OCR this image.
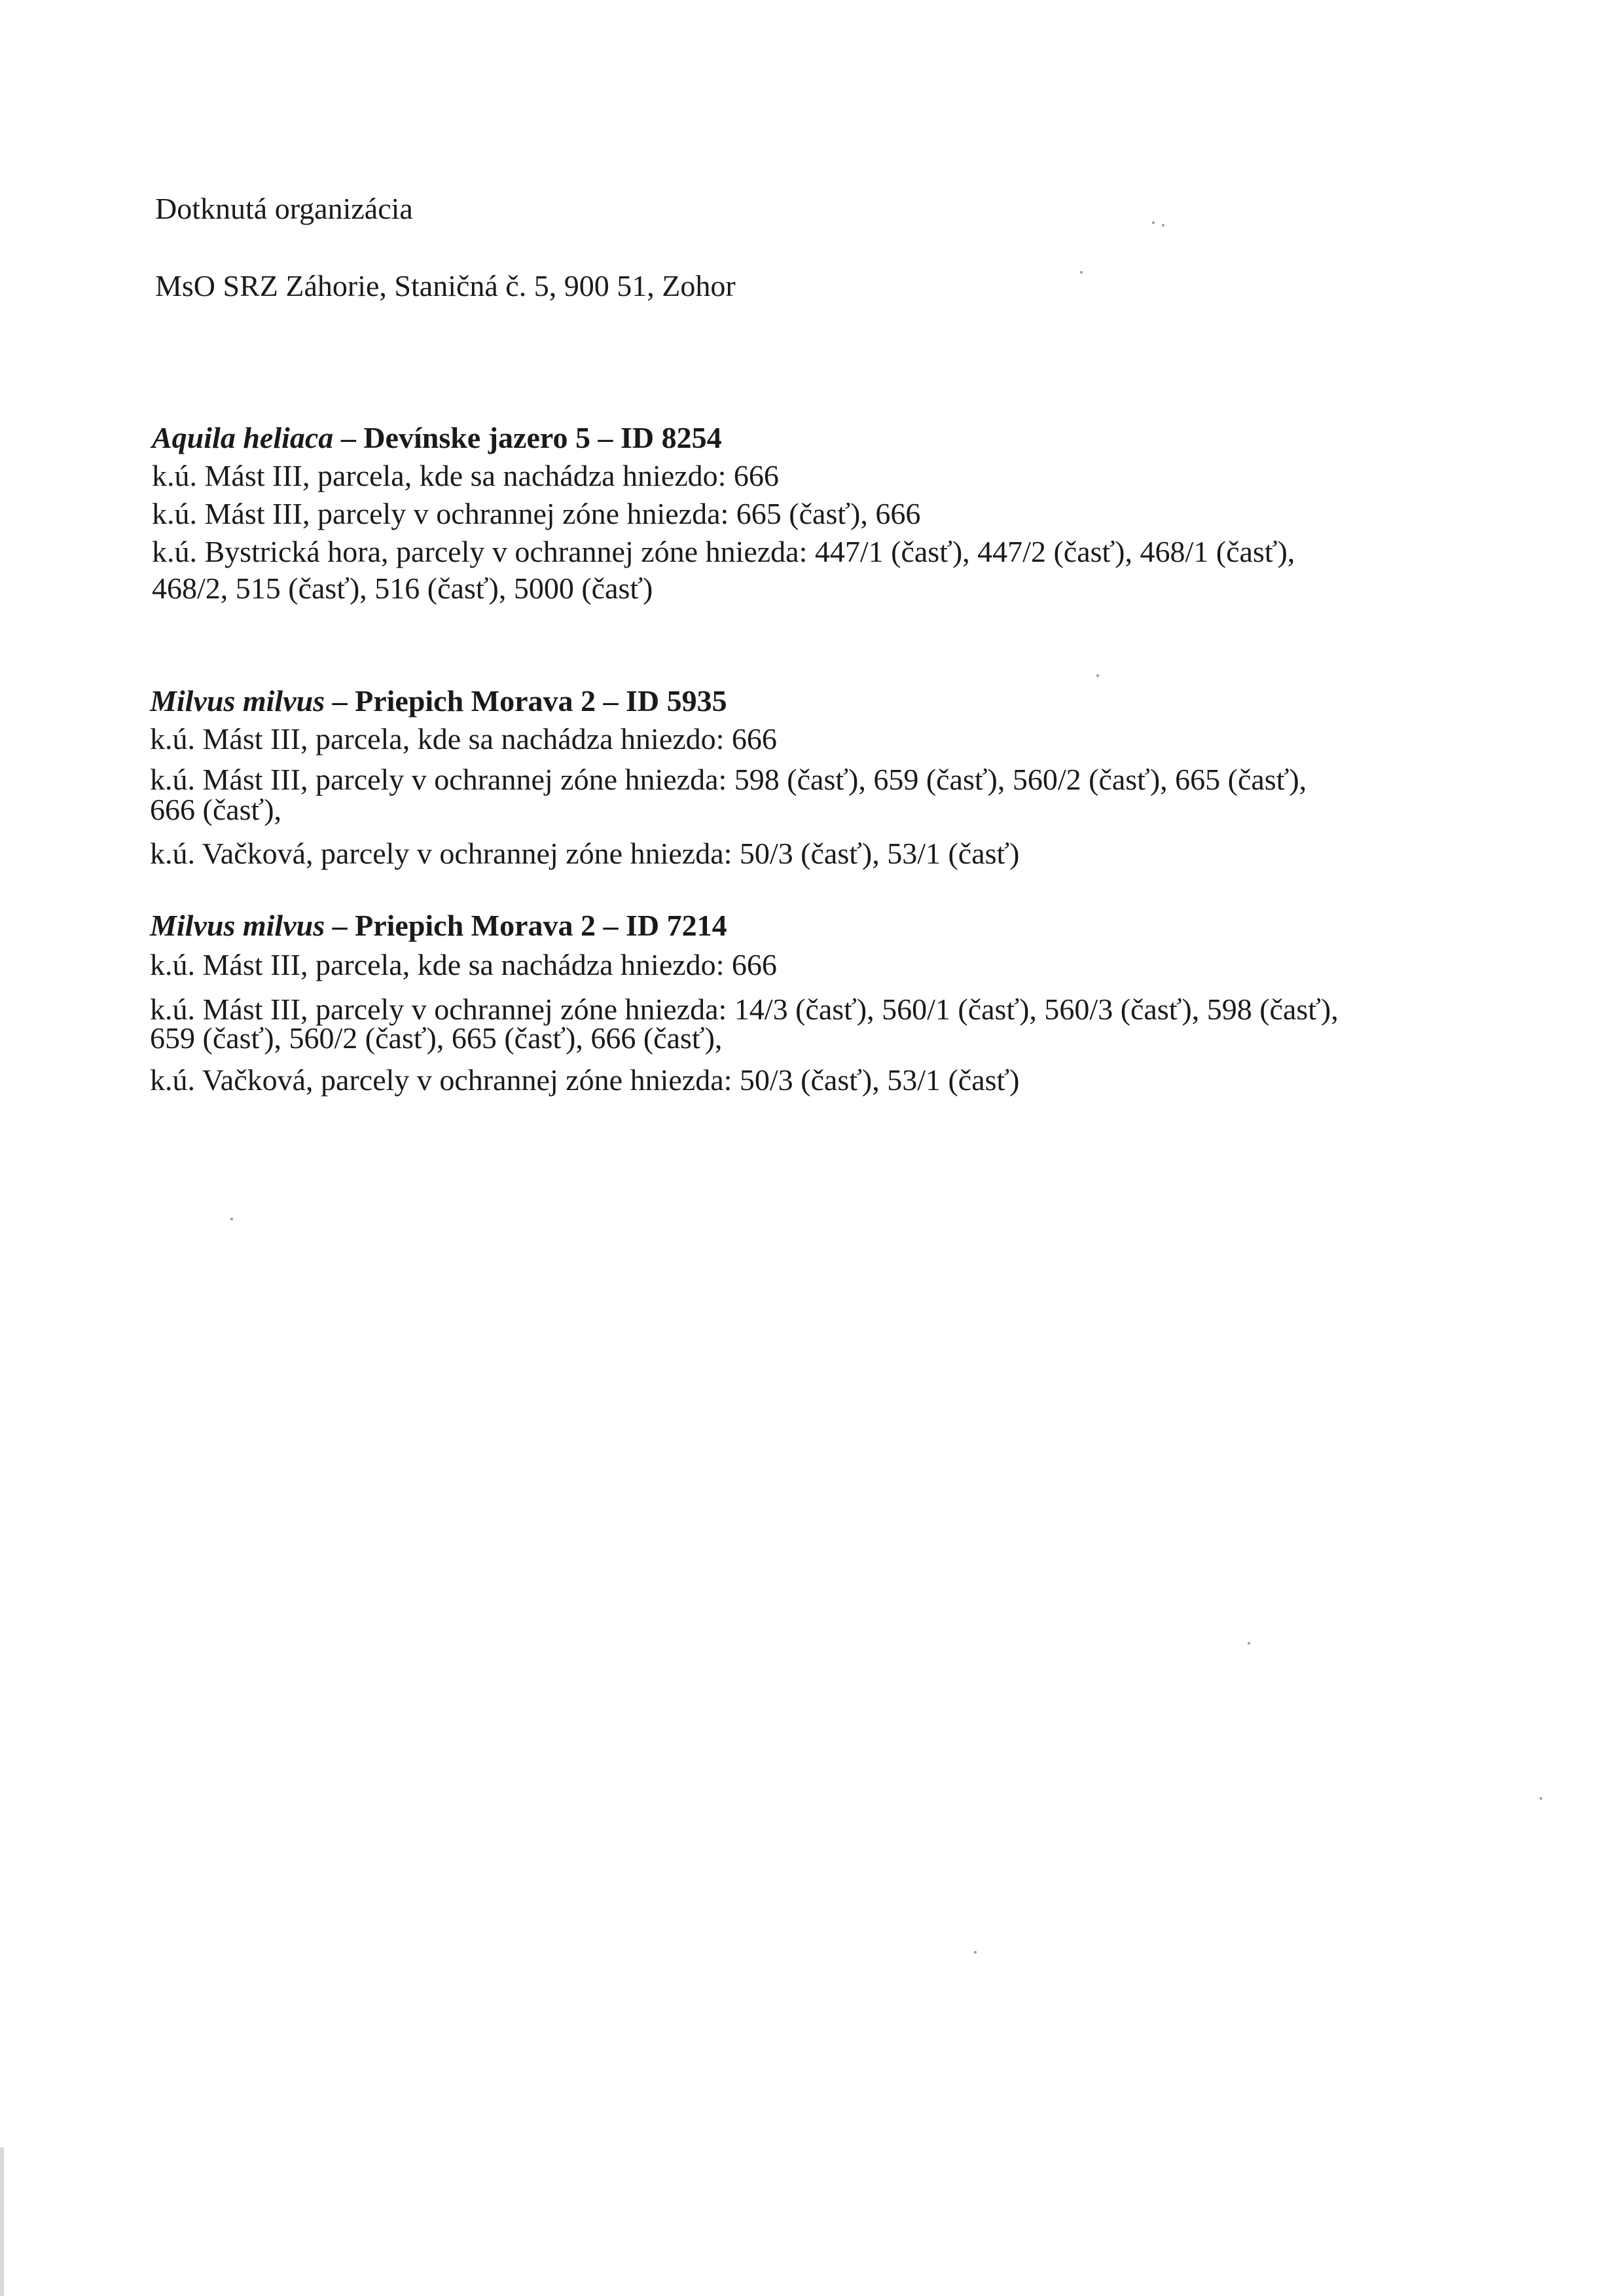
Dotknutá organizácia
MsO SRZ Záhorie, Staničná č. 5, 900 51, Zohor
Aquila heliaca – Devínske jazero 5 – ID 8254
k.ú. Mást III, parcela, kde sa nachádza hniezdo: 666
k.ú. Mást III, parcely v ochrannej zóne hniezda: 665 (časť), 666
k.ú. Bystrická hora, parcely v ochrannej zóne hniezda: 447/1 (časť), 447/2 (časť), 468/1 (časť),
468/2, 515 (časť), 516 (časť), 5000 (časť)
Milvus milvus – Priepich Morava 2 – ID 5935
k.ú. Mást III, parcela, kde sa nachádza hniezdo: 666
k.ú. Mást III, parcely v ochrannej zóne hniezda: 598 (časť), 659 (časť), 560/2 (časť), 665 (časť),
666 (časť),
k.ú. Vačková, parcely v ochrannej zóne hniezda: 50/3 (časť), 53/1 (časť)
Milvus milvus – Priepich Morava 2 – ID 7214
k.ú. Mást III, parcela, kde sa nachádza hniezdo: 666
k.ú. Mást III, parcely v ochrannej zóne hniezda: 14/3 (časť), 560/1 (časť), 560/3 (časť), 598 (časť),
659 (časť), 560/2 (časť), 665 (časť), 666 (časť),
k.ú. Vačková, parcely v ochrannej zóne hniezda: 50/3 (časť), 53/1 (časť)
